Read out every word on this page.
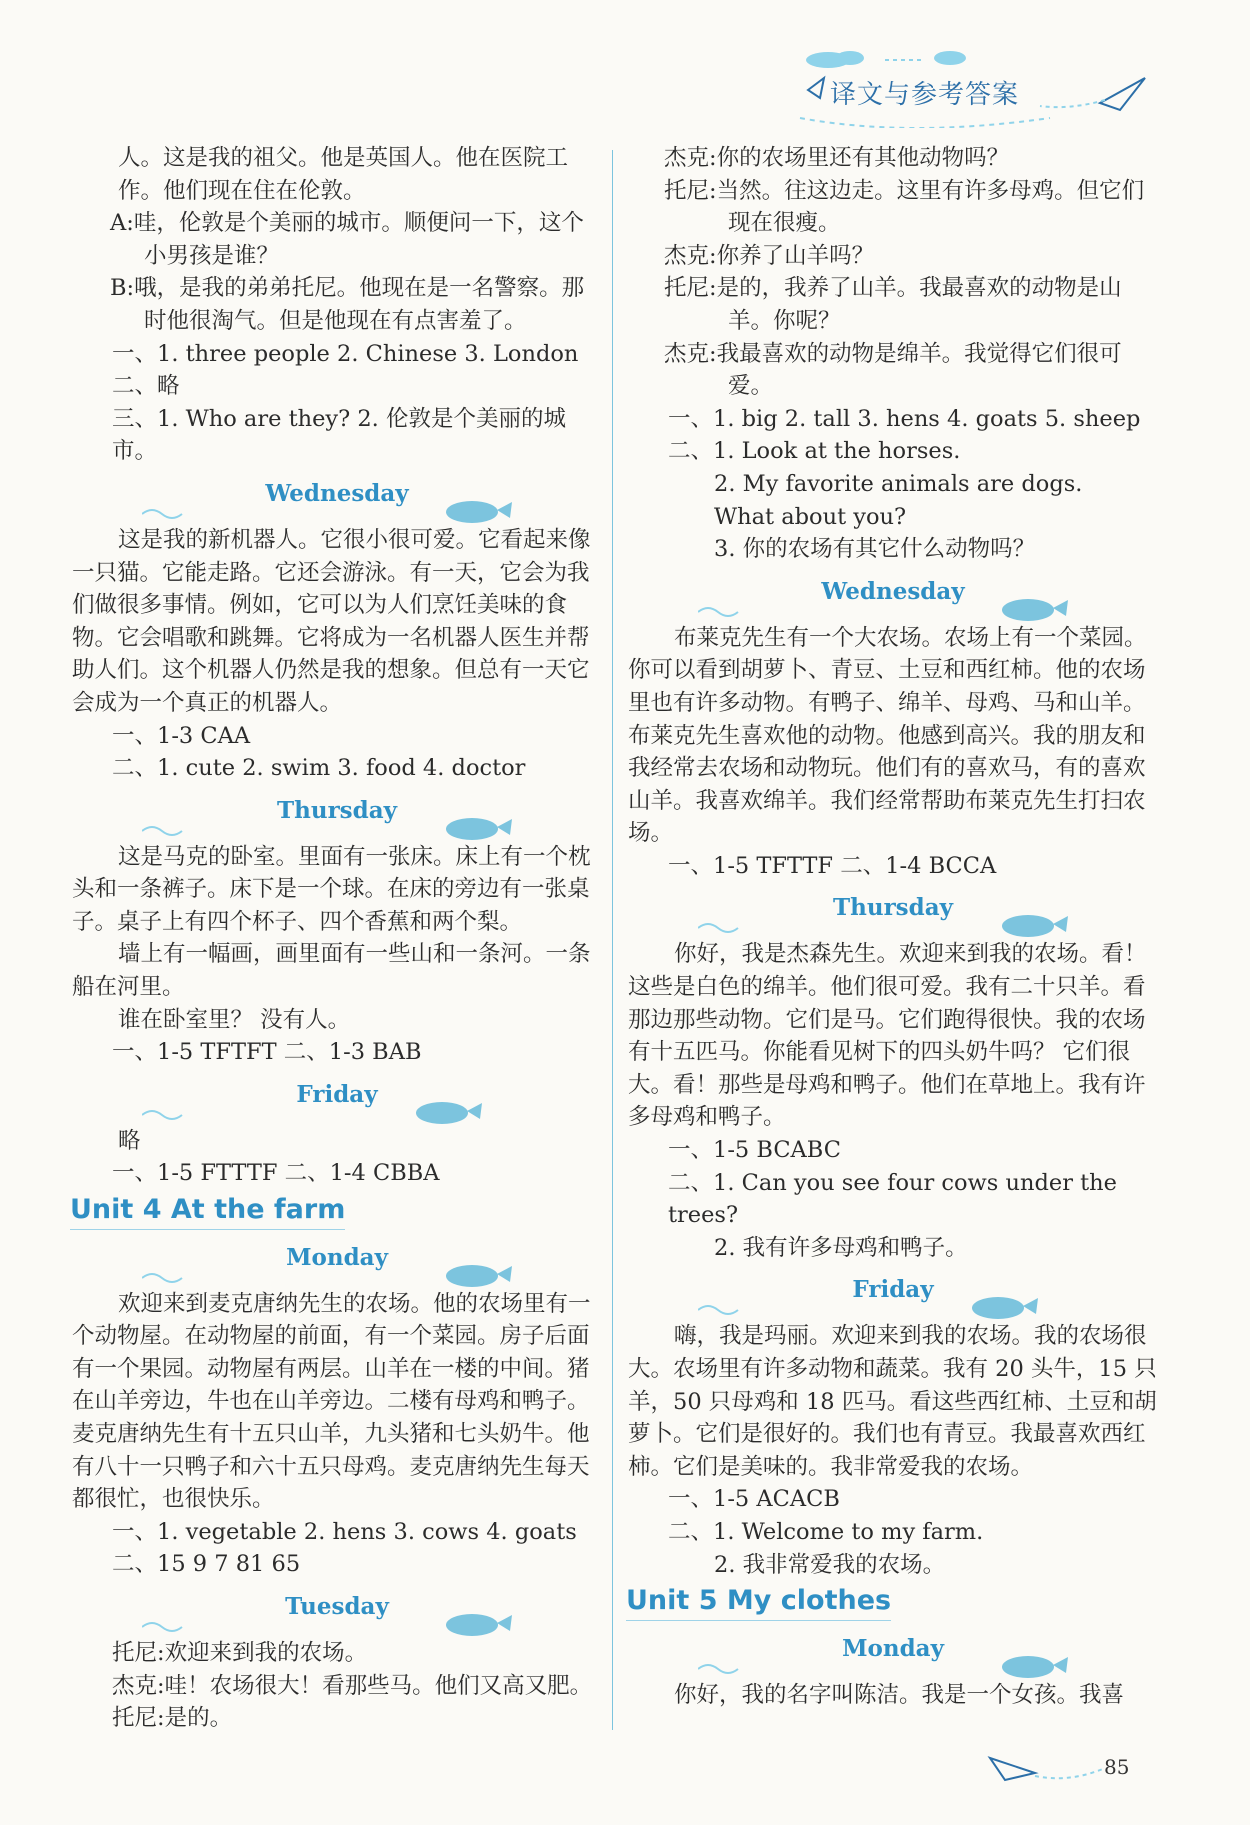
译文与参考答案

人。这是我的祖父。他是英国人。他在医院工作。他们现在住在伦敦。

A:哇，伦敦是个美丽的城市。顺便问一下，这个小男孩是谁？

B:哦，是我的弟弟托尼。他现在是一名警察。那时他很淘气。但是他现在有点害羞了。

一、1. three people 2. Chinese 3. London

二、略

三、1. Who are they? 2. 伦敦是个美丽的城市。

Wednesday

这是我的新机器人。它很小很可爱。它看起来像一只猫。它能走路。它还会游泳。有一天，它会为我们做很多事情。例如，它可以为人们烹饪美味的食物。它会唱歌和跳舞。它将成为一名机器人医生并帮助人们。这个机器人仍然是我的想象。但总有一天它会成为一个真正的机器人。

一、1-3 CAA

二、1. cute 2. swim 3. food 4. doctor

Thursday

这是马克的卧室。里面有一张床。床上有一个枕头和一条裤子。床下是一个球。在床的旁边有一张桌子。桌子上有四个杯子、四个香蕉和两个梨。

墙上有一幅画，画里面有一些山和一条河。一条船在河里。

谁在卧室里？ 没有人。

一、1-5 TFTFT 二、1-3 BAB

Friday

略

一、1-5 FTTTF 二、1-4 CBBA

Unit 4 At the farm
Monday

欢迎来到麦克唐纳先生的农场。他的农场里有一个动物屋。在动物屋的前面，有一个菜园。房子后面有一个果园。动物屋有两层。山羊在一楼的中间。猪在山羊旁边，牛也在山羊旁边。二楼有母鸡和鸭子。麦克唐纳先生有十五只山羊，九头猪和七头奶牛。他有八十一只鸭子和六十五只母鸡。麦克唐纳先生每天都很忙，也很快乐。

一、1. vegetable 2. hens 3. cows 4. goats

二、15 9 7 81 65

Tuesday

托尼:欢迎来到我的农场。

杰克:哇！农场很大！看那些马。他们又高又肥。

托尼:是的。

杰克:你的农场里还有其他动物吗？

托尼:当然。往这边走。这里有许多母鸡。但它们现在很瘦。

杰克:你养了山羊吗？

托尼:是的，我养了山羊。我最喜欢的动物是山羊。你呢？

杰克:我最喜欢的动物是绵羊。我觉得它们很可爱。

一、1. big 2. tall 3. hens 4. goats 5. sheep

二、1. Look at the horses.

2. My favorite animals are dogs. What about you?

3. 你的农场有其它什么动物吗？

Wednesday

布莱克先生有一个大农场。农场上有一个菜园。你可以看到胡萝卜、青豆、土豆和西红柿。他的农场里也有许多动物。有鸭子、绵羊、母鸡、马和山羊。布莱克先生喜欢他的动物。他感到高兴。我的朋友和我经常去农场和动物玩。他们有的喜欢马，有的喜欢山羊。我喜欢绵羊。我们经常帮助布莱克先生打扫农场。

一、1-5 TFTTF 二、1-4 BCCA

Thursday

你好，我是杰森先生。欢迎来到我的农场。看！这些是白色的绵羊。他们很可爱。我有二十只羊。看那边那些动物。它们是马。它们跑得很快。我的农场有十五匹马。你能看见树下的四头奶牛吗？ 它们很大。看！那些是母鸡和鸭子。他们在草地上。我有许多母鸡和鸭子。

一、1-5 BCABC

二、1. Can you see four cows under the trees?

2. 我有许多母鸡和鸭子。

Friday

嗨，我是玛丽。欢迎来到我的农场。我的农场很大。农场里有许多动物和蔬菜。我有 20 头牛，15 只羊，50 只母鸡和 18 匹马。看这些西红柿、土豆和胡萝卜。它们是很好的。我们也有青豆。我最喜欢西红柿。它们是美味的。我非常爱我的农场。

一、1-5 ACACB

二、1. Welcome to my farm.

2. 我非常爱我的农场。

Unit 5 My clothes
Monday

你好，我的名字叫陈洁。我是一个女孩。我喜

85
